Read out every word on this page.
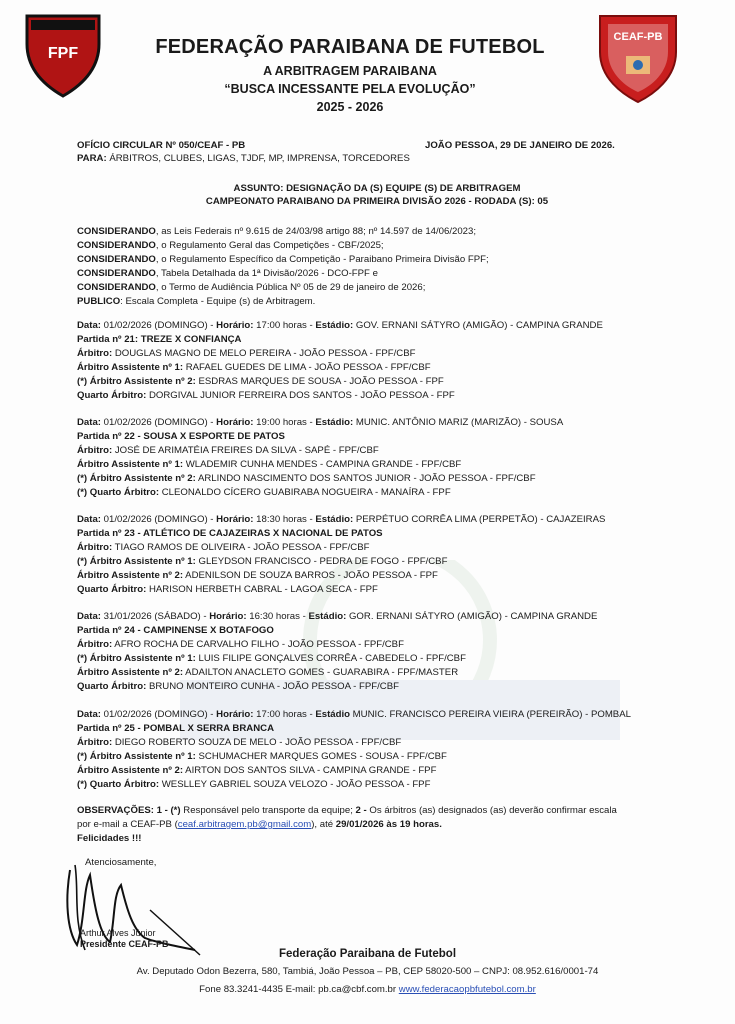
FPF
CEAF-PB
FEDERAÇÃO PARAIBANA DE FUTEBOL
A ARBITRAGEM PARAIBANA
“BUSCA INCESSANTE PELA EVOLUÇÃO”
2025 - 2026
OFÍCIO CIRCULAR Nº 050/CEAF - PB	JOÃO PESSOA, 29 DE JANEIRO DE 2026.
PARA: ÁRBITROS, CLUBES, LIGAS, TJDF, MP, IMPRENSA, TORCEDORES
ASSUNTO: DESIGNAÇÃO DA (S) EQUIPE (S) DE ARBITRAGEM
CAMPEONATO PARAIBANO DA PRIMEIRA DIVISÃO 2026 - RODADA (S): 05
CONSIDERANDO, as Leis Federais nº 9.615 de 24/03/98 artigo 88; nº 14.597 de 14/06/2023;
CONSIDERANDO, o Regulamento Geral das Competições - CBF/2025;
CONSIDERANDO, o Regulamento Específico da Competição - Paraibano Primeira Divisão FPF;
CONSIDERANDO, Tabela Detalhada da 1ª Divisão/2026 - DCO-FPF e
CONSIDERANDO, o Termo de Audiência Pública Nº 05 de 29 de janeiro de 2026;
PUBLICO: Escala Completa - Equipe (s) de Arbitragem.
Data: 01/02/2026 (DOMINGO) - Horário: 17:00 horas - Estádio: GOV. ERNANI SÁTYRO (AMIGÃO) - CAMPINA GRANDE
Partida nº 21: TREZE X CONFIANÇA
Árbitro: DOUGLAS MAGNO DE MELO PEREIRA - JOÃO PESSOA - FPF/CBF
Árbitro Assistente nº 1: RAFAEL GUEDES DE LIMA - JOÃO PESSOA - FPF/CBF
(*) Árbitro Assistente nº 2: ESDRAS MARQUES DE SOUSA - JOÃO PESSOA - FPF
Quarto Árbitro: DORGIVAL JUNIOR FERREIRA DOS SANTOS - JOÃO PESSOA - FPF
Data: 01/02/2026 (DOMINGO) - Horário: 19:00 horas - Estádio: MUNIC. ANTÔNIO MARIZ (MARIZÃO) - SOUSA
Partida nº 22 - SOUSA X ESPORTE DE PATOS
Árbitro: JOSÉ DE ARIMATÉIA FREIRES DA SILVA - SAPÉ - FPF/CBF
Árbitro Assistente nº 1: WLADEMIR CUNHA MENDES - CAMPINA GRANDE - FPF/CBF
(*) Árbitro Assistente nº 2: ARLINDO NASCIMENTO DOS SANTOS JUNIOR - JOÃO PESSOA - FPF/CBF
(*) Quarto Árbitro: CLEONALDO CÍCERO GUABIRABA NOGUEIRA - MANAÍRA - FPF
Data: 01/02/2026 (DOMINGO) - Horário: 18:30 horas - Estádio: PERPÉTUO CORRÊA LIMA (PERPETÃO) - CAJAZEIRAS
Partida nº 23 - ATLÉTICO DE CAJAZEIRAS X NACIONAL DE PATOS
Árbitro: TIAGO RAMOS DE OLIVEIRA - JOÃO PESSOA - FPF/CBF
(*) Árbitro Assistente nº 1: GLEYDSON FRANCISCO - PEDRA DE FOGO - FPF/CBF
Árbitro Assistente nº 2: ADENILSON DE SOUZA BARROS - JOÃO PESSOA - FPF
Quarto Árbitro: HARISON HERBETH CABRAL - LAGOA SECA - FPF
Data: 31/01/2026 (SÁBADO) - Horário: 16:30 horas - Estádio: GOR. ERNANI SÁTYRO (AMIGÃO) - CAMPINA GRANDE
Partida nº 24 - CAMPINENSE X BOTAFOGO
Árbitro: AFRO ROCHA DE CARVALHO FILHO - JOÃO PESSOA - FPF/CBF
(*) Árbitro Assistente nº 1: LUIS FILIPE GONÇALVES CORRÊA - CABEDELO - FPF/CBF
Árbitro Assistente nº 2: ADAILTON ANACLETO GOMES - GUARABIRA - FPF/MASTER
Quarto Árbitro: BRUNO MONTEIRO CUNHA - JOÃO PESSOA - FPF/CBF
Data: 01/02/2026 (DOMINGO) - Horário: 17:00 horas - Estádio MUNIC. FRANCISCO PEREIRA VIEIRA (PEREIRÃO) - POMBAL
Partida nº 25 - POMBAL X SERRA BRANCA
Árbitro: DIEGO ROBERTO SOUZA DE MELO - JOÃO PESSOA - FPF/CBF
(*) Árbitro Assistente nº 1: SCHUMACHER MARQUES GOMES - SOUSA - FPF/CBF
Árbitro Assistente nº 2: AIRTON DOS SANTOS SILVA - CAMPINA GRANDE - FPF
(*) Quarto Árbitro: WESLLEY GABRIEL SOUZA VELOZO - JOÃO PESSOA - FPF
OBSERVAÇÕES: 1 - (*) Responsável pelo transporte da equipe; 2 - Os árbitros (as) designados (as) deverão confirmar escala
por e-mail a CEAF-PB (ceaf.arbitragem.pb@gmail.com), até 29/01/2026 às 19 horas.
Felicidades !!!
Atenciosamente,
Arthur Alves Júnior
Presidente CEAF-PB
Federação Paraibana de Futebol
Av. Deputado Odon Bezerra, 580, Tambiá, João Pessoa – PB, CEP 58020-500 – CNPJ: 08.952.616/0001-74
Fone 83.3241-4435 E-mail: pb.ca@cbf.com.br www.federacaopbfutebol.com.br
